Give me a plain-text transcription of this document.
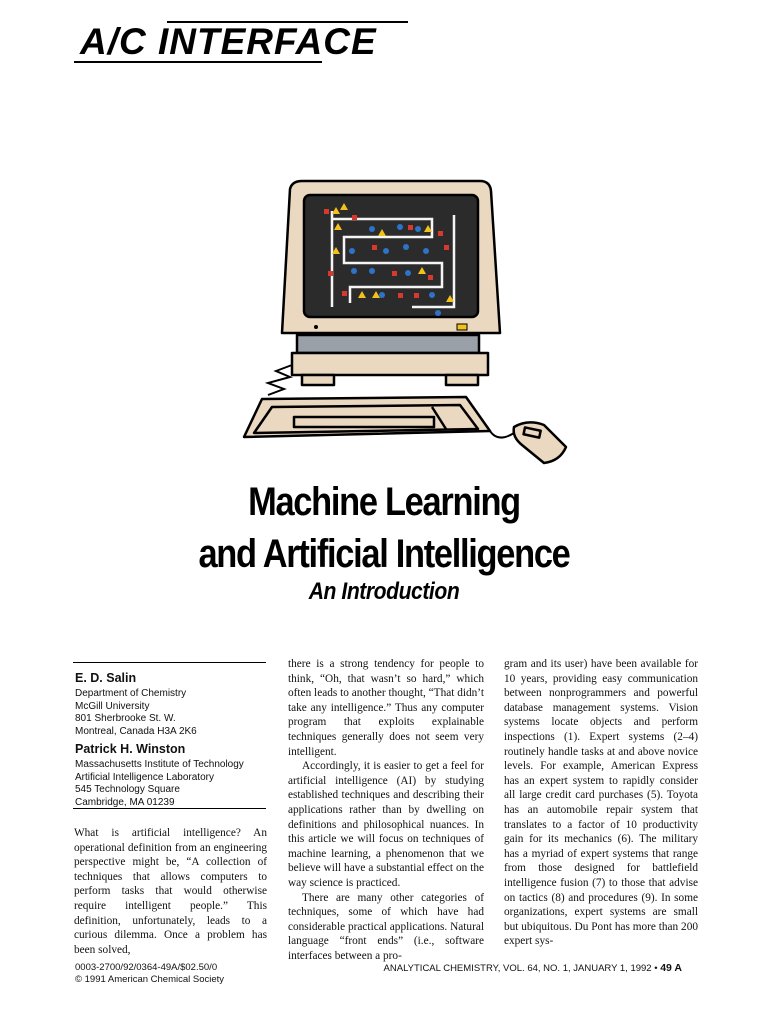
A/C INTERFACE
Machine Learning
and Artificial Intelligence
An Introduction
E. D. Salin
Department of Chemistry
McGill University
801 Sherbrooke St. W.
Montreal, Canada H3A 2K6
Patrick H. Winston
Massachusetts Institute of Technology
Artificial Intelligence Laboratory
545 Technology Square
Cambridge, MA 01239

What is artificial intelligence? An operational definition from an engineering perspective might be, “A collection of techniques that allows computers to perform tasks that would otherwise require intelligent people.” This definition, unfortunately, leads to a curious dilemma. Once a problem has been solved,

there is a strong tendency for people to think, “Oh, that wasn’t so hard,” which often leads to another thought, “That didn’t take any intelligence.” Thus any computer program that exploits explainable techniques generally does not seem very intelligent.

Accordingly, it is easier to get a feel for artificial intelligence (AI) by studying established techniques and describing their applications rather than by dwelling on definitions and philosophical nuances. In this article we will focus on techniques of machine learning, a phenomenon that we believe will have a substantial effect on the way science is practiced.

There are many other categories of techniques, some of which have had considerable practical applications. Natural language “front ends” (i.e., software interfaces between a pro-

gram and its user) have been available for 10 years, providing easy communication between nonprogrammers and powerful database management systems. Vision systems locate objects and perform inspections (1). Expert systems (2–4) routinely handle tasks at and above novice levels. For example, American Express has an expert system to rapidly consider all large credit card purchases (5). Toyota has an automobile repair system that translates to a factor of 10 productivity gain for its mechanics (6). The military has a myriad of expert systems that range from those designed for battlefield intelligence fusion (7) to those that advise on tactics (8) and procedures (9). In some organizations, expert systems are small but ubiquitous. Du Pont has more than 200 expert sys-

0003-2700/92/0364-49A/$02.50/0
© 1991 American Chemical Society
ANALYTICAL CHEMISTRY, VOL. 64, NO. 1, JANUARY 1, 1992 • 49 A
